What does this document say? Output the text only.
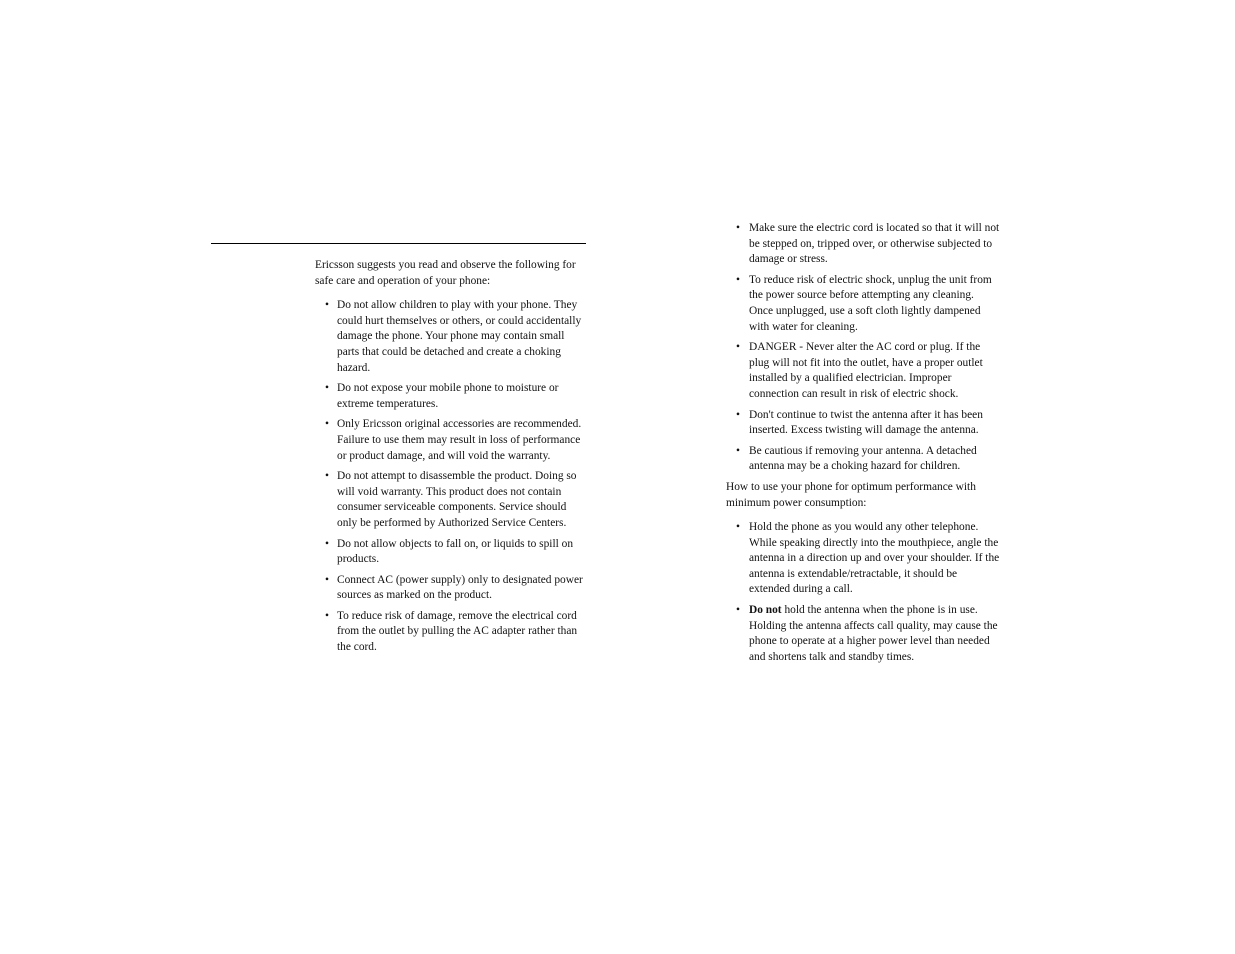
Ericsson suggests you read and observe the following for safe care and operation of your phone:

• Do not allow children to play with your phone. They could hurt themselves or others, or could accidentally damage the phone. Your phone may contain small parts that could be detached and create a choking hazard.
• Do not expose your mobile phone to moisture or extreme temperatures.
• Only Ericsson original accessories are recommended. Failure to use them may result in loss of performance or product damage, and will void the warranty.
• Do not attempt to disassemble the product. Doing so will void warranty. This product does not contain consumer serviceable components. Service should only be performed by Authorized Service Centers.
• Do not allow objects to fall on, or liquids to spill on products.
• Connect AC (power supply) only to designated power sources as marked on the product.
• To reduce risk of damage, remove the electrical cord from the outlet by pulling the AC adapter rather than the cord.
• Make sure the electric cord is located so that it will not be stepped on, tripped over, or otherwise subjected to damage or stress.
• To reduce risk of electric shock, unplug the unit from the power source before attempting any cleaning. Once unplugged, use a soft cloth lightly dampened with water for cleaning.
• DANGER - Never alter the AC cord or plug. If the plug will not fit into the outlet, have a proper outlet installed by a qualified electrician. Improper connection can result in risk of electric shock.
• Don't continue to twist the antenna after it has been inserted. Excess twisting will damage the antenna.
• Be cautious if removing your antenna. A detached antenna may be a choking hazard for children.

How to use your phone for optimum performance with minimum power consumption:

• Hold the phone as you would any other telephone. While speaking directly into the mouthpiece, angle the antenna in a direction up and over your shoulder. If the antenna is extendable/retractable, it should be extended during a call.
• Do not hold the antenna when the phone is in use. Holding the antenna affects call quality, may cause the phone to operate at a higher power level than needed and shortens talk and standby times.
